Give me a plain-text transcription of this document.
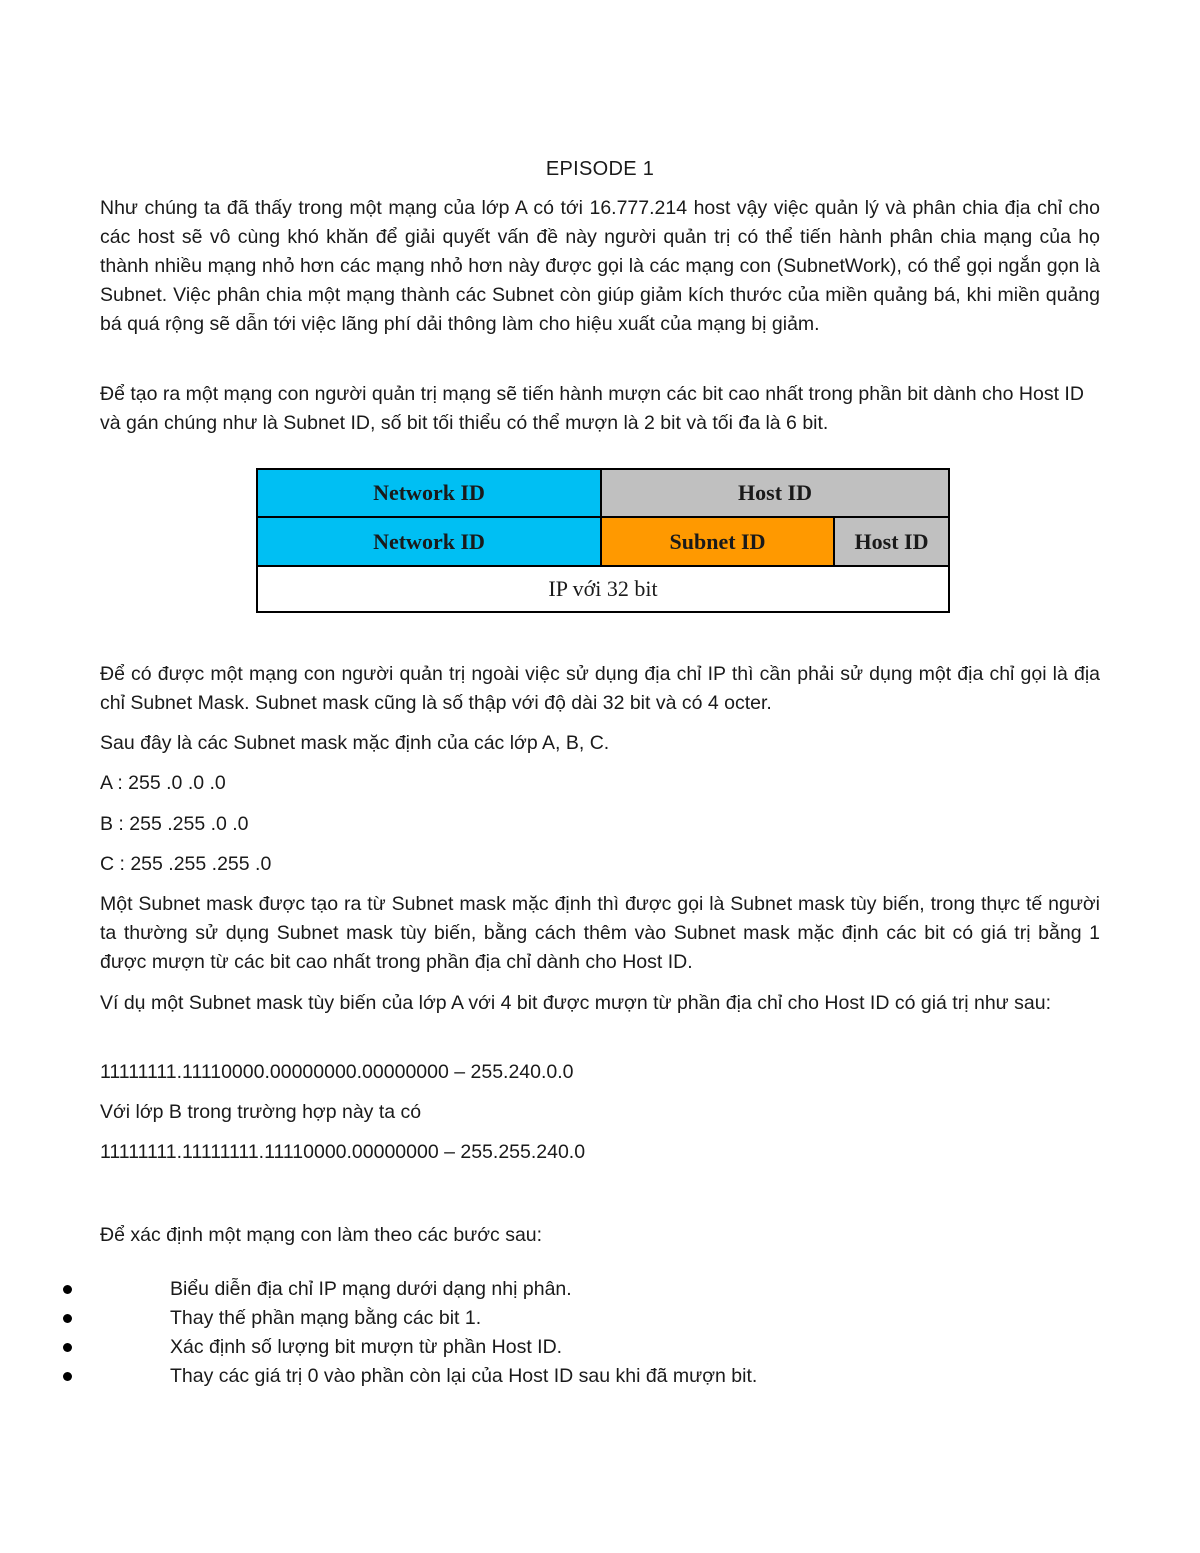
EPISODE 1

Như chúng ta đã thấy trong một mạng của lớp A có tới 16.777.214 host vậy việc quản lý và phân chia địa chỉ cho các host sẽ vô cùng khó khăn để giải quyết vấn đề này người quản trị có thể tiến hành phân chia mạng của họ thành nhiều mạng nhỏ hơn các mạng nhỏ hơn này được gọi là các mạng con (SubnetWork), có thể gọi ngắn gọn là Subnet. Việc phân chia một mạng thành các Subnet còn giúp giảm kích thước của miền quảng bá, khi miền quảng bá quá rộng sẽ dẫn tới việc lãng phí dải thông làm cho hiệu xuất của mạng bị giảm.

Để tạo ra một mạng con người quản trị mạng sẽ tiến hành mượn các bit cao nhất trong phần bit dành cho Host ID và gán chúng như là Subnet ID, số bit tối thiểu có thể mượn là 2 bit và tối đa là 6 bit.

Network ID	Host ID	
Network ID	Subnet ID	Host ID
IP với 32 bit		

Để có được một mạng con người quản trị ngoài việc sử dụng địa chỉ IP thì cần phải sử dụng một địa chỉ gọi là địa chỉ Subnet Mask. Subnet mask cũng là số thập với độ dài 32 bit và có 4 octer.

Sau đây là các Subnet mask mặc định của các lớp A, B, C.

A : 255 .0 .0 .0

B : 255 .255 .0 .0

C : 255 .255 .255 .0

Một Subnet mask được tạo ra từ Subnet mask mặc định thì được gọi là Subnet mask tùy biến, trong thực tế người ta thường sử dụng Subnet mask tùy biến, bằng cách thêm vào Subnet mask mặc định các bit có giá trị bằng 1 được mượn từ các bit cao nhất trong phần địa chỉ dành cho Host ID.

Ví dụ một Subnet mask tùy biến của lớp A với 4 bit được mượn từ phần địa chỉ cho Host ID có giá trị như sau:

11111111.11110000.00000000.00000000 – 255.240.0.0

Với lớp B trong trường hợp này ta có

11111111.11111111.11110000.00000000 – 255.255.240.0

Để xác định một mạng con làm theo các bước sau:

Biểu diễn địa chỉ IP mạng dưới dạng nhị phân.
Thay thế phần mạng bằng các bit 1.
Xác định số lượng bit mượn từ phần Host ID.
Thay các giá trị 0 vào phần còn lại của Host ID sau khi đã mượn bit.
